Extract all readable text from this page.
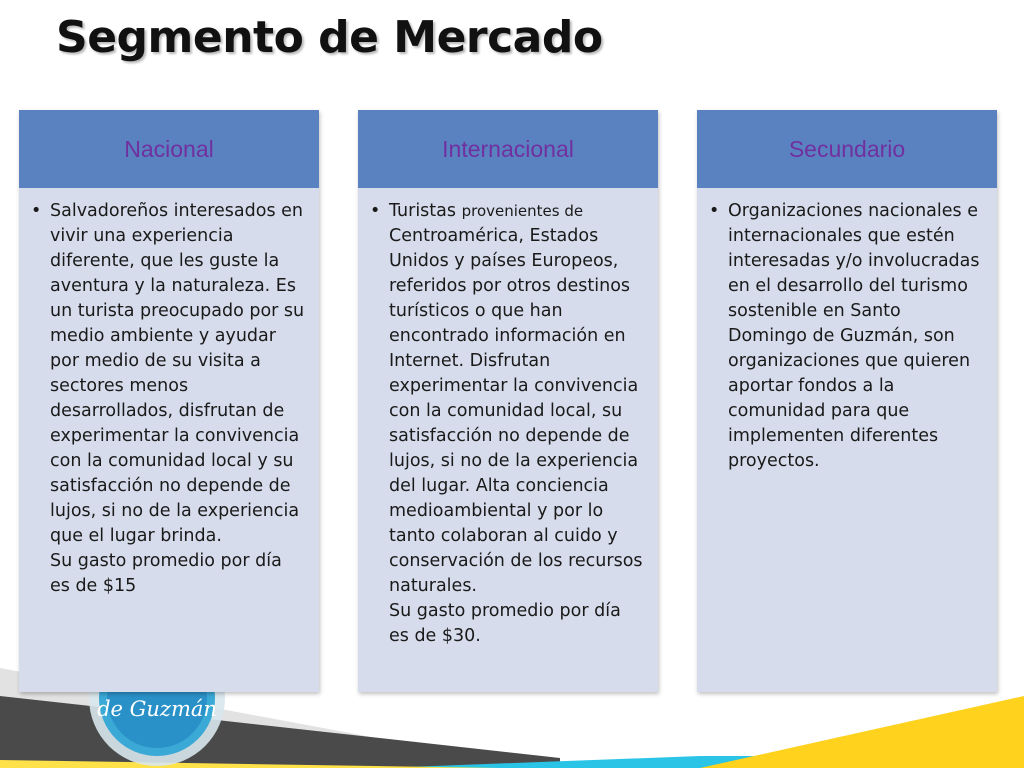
de Guzmán
Segmento de Mercado
Nacional
• Salvadoreños interesados en vivir una experiencia diferente, que les guste la aventura y la naturaleza. Es un turista preocupado por su medio ambiente y ayudar por medio de su visita a sectores menos desarrollados, disfrutan de experimentar la convivencia con la comunidad local y su satisfacción no depende de lujos, si no de la experiencia que el lugar brinda.

Su gasto promedio por día es de $15

Internacional
• Turistas provenientes de Centroamérica, Estados Unidos y países Europeos, referidos por otros destinos turísticos o que han encontrado información en Internet. Disfrutan experimentar la convivencia con la comunidad local, su satisfacción no depende de lujos, si no de la experiencia del lugar. Alta conciencia medioambiental y por lo tanto colaboran al cuido y conservación de los recursos naturales.

Su gasto promedio por día es de $30.

Secundario
• Organizaciones nacionales e internacionales que estén interesadas y/o involucradas en el desarrollo del turismo sostenible en Santo Domingo de Guzmán, son organizaciones que quieren aportar fondos a la comunidad para que implementen diferentes proyectos.
